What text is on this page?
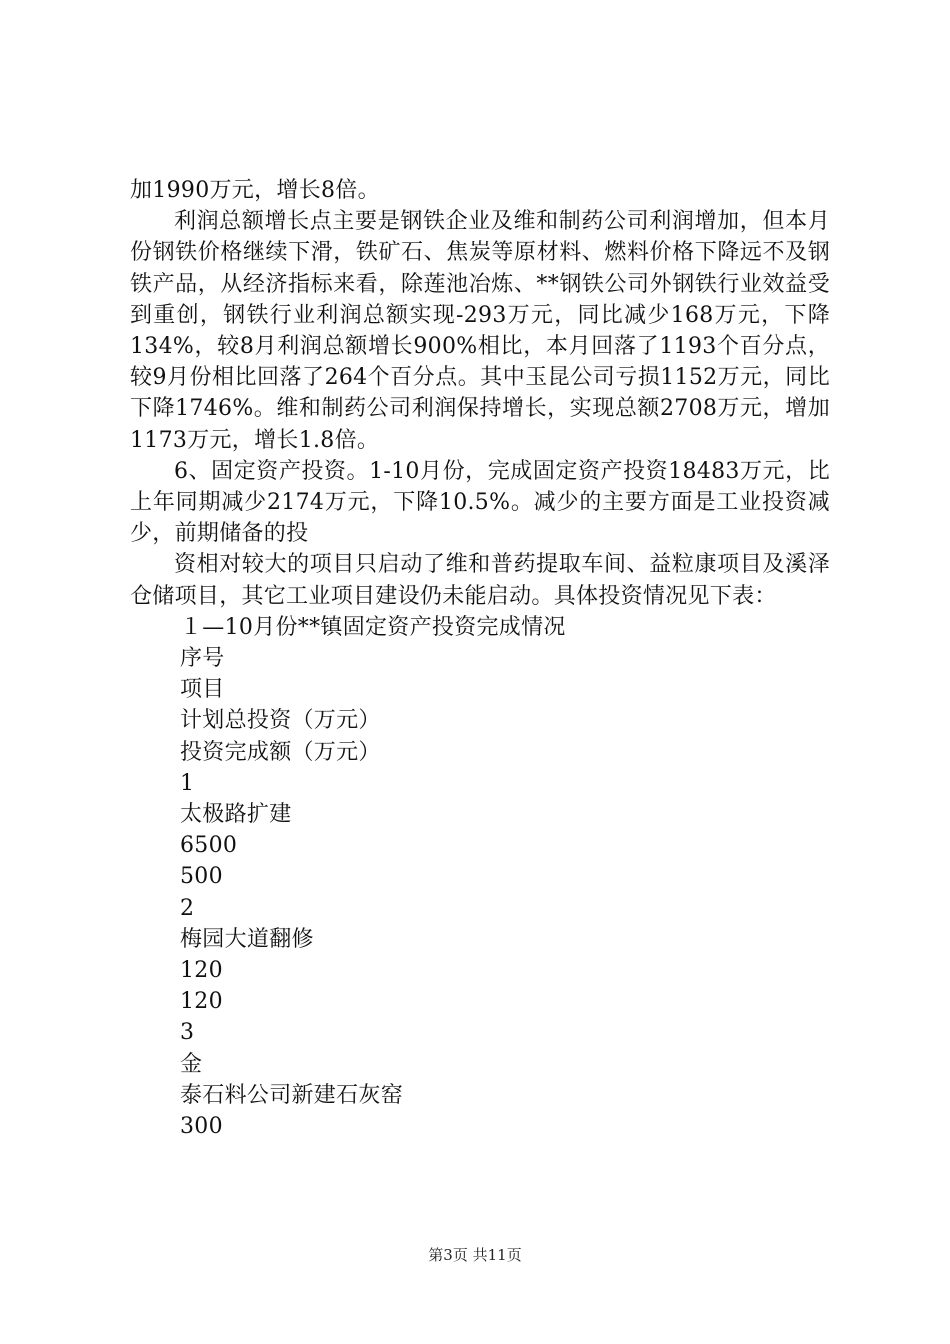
加1990万元，增长8倍。

利润总额增长点主要是钢铁企业及维和制药公司利润增加，但本月份钢铁价格继续下滑，铁矿石、焦炭等原材料、燃料价格下降远不及钢铁产品，从经济指标来看，除莲池冶炼、**钢铁公司外钢铁行业效益受到重创，钢铁行业利润总额实现-293万元，同比减少168万元，下降134%，较8月利润总额增长900%相比，本月回落了1193个百分点，较9月份相比回落了264个百分点。其中玉昆公司亏损1152万元，同比下降1746%。维和制药公司利润保持增长，实现总额2708万元，增加1173万元，增长1.8倍。

6、固定资产投资。1-10月份，完成固定资产投资18483万元，比上年同期减少2174万元，下降10.5%。减少的主要方面是工业投资减少，前期储备的投

资相对较大的项目只启动了维和普药提取车间、益粒康项目及溪泽仓储项目，其它工业项目建设仍未能启动。具体投资情况见下表：

１—10月份**镇固定资产投资完成情况

序号
项目
计划总投资（万元）
投资完成额（万元）
1
太极路扩建
6500
500
2
梅园大道翻修
120
120
3
金
泰石料公司新建石灰窑
300
第3页 共11页
